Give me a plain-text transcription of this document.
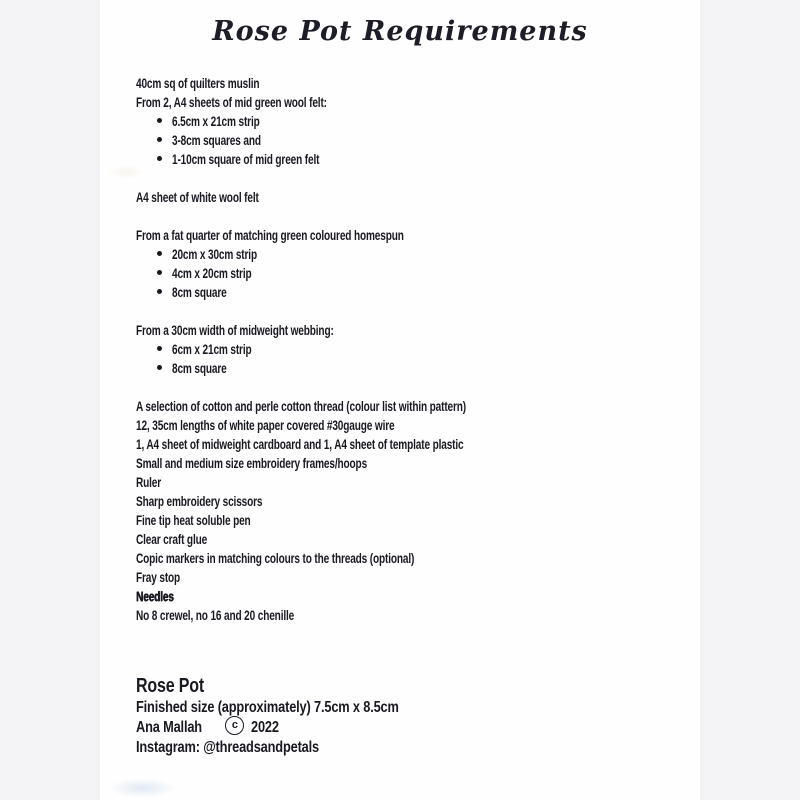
Rose Pot Requirements
40cm sq of quilters muslin
From 2, A4 sheets of mid green wool felt:
6.5cm x 21cm strip
3-8cm squares and
1-10cm square of mid green felt
A4 sheet of white wool felt
From a fat quarter of matching green coloured homespun
20cm x 30cm strip
4cm x 20cm strip
8cm square
From a 30cm width of midweight webbing:
6cm x 21cm strip
8cm square
A selection of cotton and perle cotton thread (colour list within pattern)
12, 35cm lengths of white paper covered #30gauge wire
1, A4 sheet of midweight cardboard and 1, A4 sheet of template plastic
Small and medium size embroidery frames/hoops
Ruler
Sharp embroidery scissors
Fine tip heat soluble pen
Clear craft glue
Copic markers in matching colours to the threads (optional)
Fray stop
Needles
No 8 crewel, no 16 and 20 chenille
Rose Pot
Finished size (approximately) 7.5cm x 8.5cm
Ana Mallah	c 2022
Instagram: @threadsandpetals
